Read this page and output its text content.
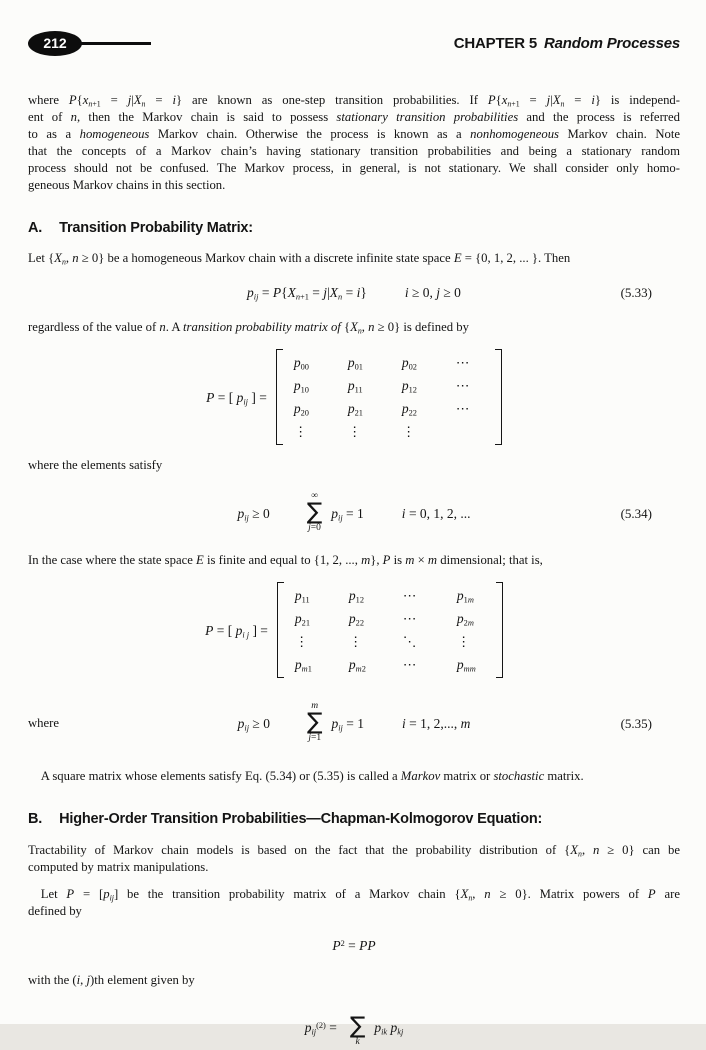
212	CHAPTER 5 Random Processes
where $P\{x_{n+1} = j|X_n = i\}$ are known as one-step transition probabilities. If $P\{x_{n+1} = j|X_n = i\}$ is independ-
ent of n, then the Markov chain is said to possess stationary transition probabilities and the process is referred
to as a homogeneous Markov chain. Otherwise the process is known as a nonhomogeneous Markov chain. Note
that the concepts of a Markov chain’s having stationary transition probabilities and being a stationary random
process should not be confused. The Markov process, in general, is not stationary. We shall consider only homo-
geneous Markov chains in this section.
A. Transition Probability Matrix:
Let {$X_n$, n ≥ 0} be a homogeneous Markov chain with a discrete infinite state space E = {0, 1, 2, ... }. Then
$p_{ij} = P\{X_{n+1} = j|X_n = i\}$	i ≥ 0, j ≥ 0	(5.33)
regardless of the value of n. A transition probability matrix of {$X_n$, n ≥ 0} is defined by
P = [ $p_{ij}$ ] =
$p_{00}$	$p_{01}$	$p_{02}$	⋯
$p_{10}$	$p_{11}$	$p_{12}$	⋯
$p_{20}$	$p_{21}$	$p_{22}$	⋯
⋮	⋮	⋮
where the elements satisfy
$p_{ij} \ge 0$
∞
∑
j=0
$p_{ij} = 1$	i = 0, 1, 2, ...	(5.34)
In the case where the state space E is finite and equal to {1, 2, ..., m}, P is m × m dimensional; that is,
P = [ $p_{i j}$ ] =
$p_{11}$	$p_{12}$	⋯	$p_{1m}$
$p_{21}$	$p_{22}$	⋯	$p_{2m}$
⋮	⋮	⋱	⋮
$p_{m1}$	$p_{m2}$	⋯	$p_{mm}$
where	$p_{ij} \ge 0$
m
∑
j=1
$p_{ij} = 1$	i = 1, 2,..., m	(5.35)
 A square matrix whose elements satisfy Eq. (5.34) or (5.35) is called a Markov matrix or stochastic matrix.
B. Higher-Order Transition Probabilities—Chapman-Kolmogorov Equation:
Tractability of Markov chain models is based on the fact that the probability distribution of {$X_n$, n ≥ 0} can be
computed by matrix manipulations.
 Let $P = [p_{ij}]$ be the transition probability matrix of a Markov chain {$X_n$, n ≥ 0}. Matrix powers of P are
defined by
$P^2$ = PP
with the (i, j)th element given by
$p_{ij}^{(2)}$ = ∑
k
$p_{ik}$ $p_{kj}$
